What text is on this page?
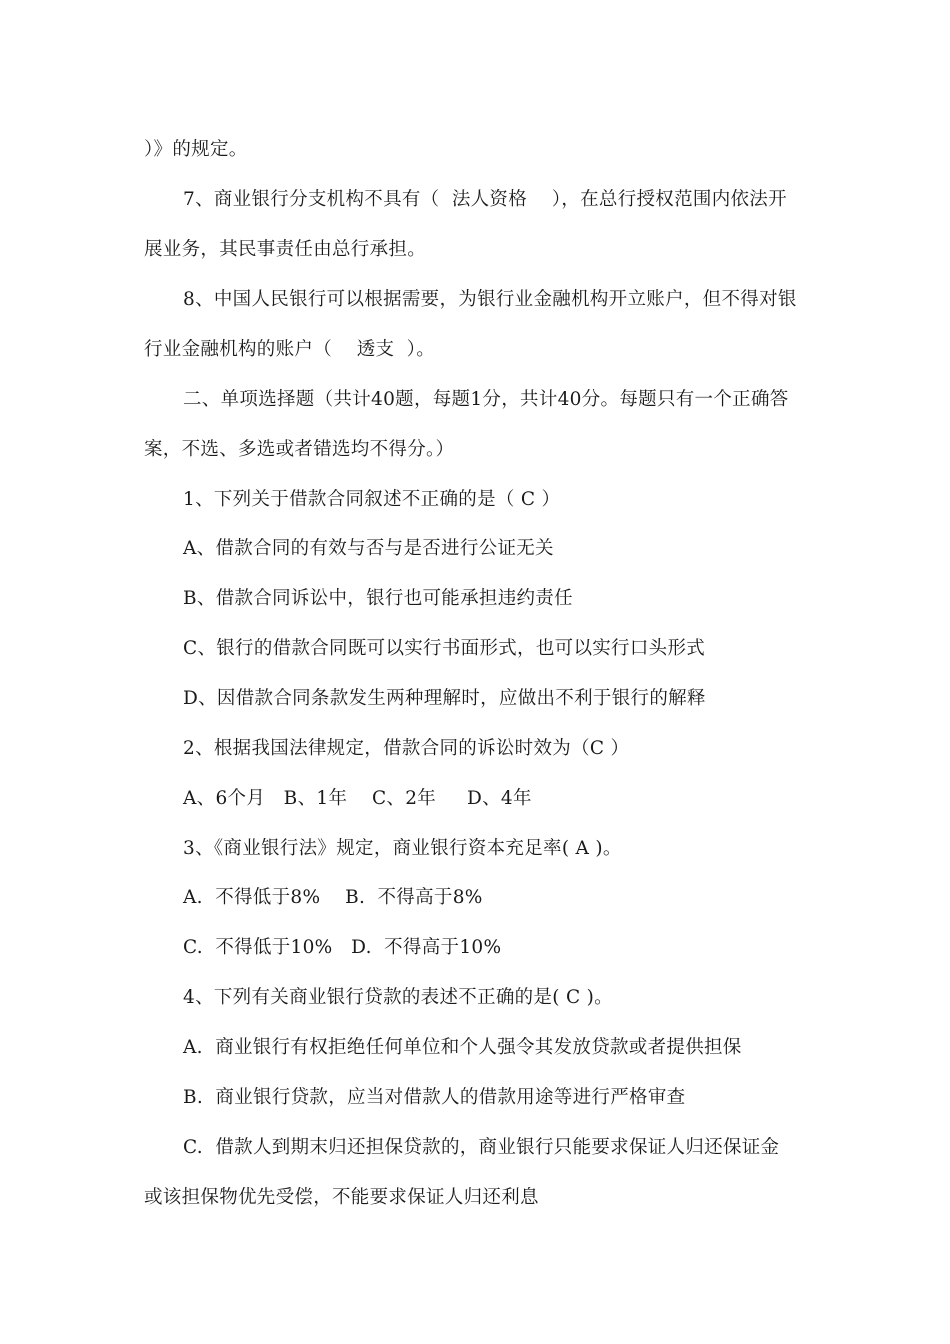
）》的规定。
7、商业银行分支机构不具有（  法人资格    ），在总行授权范围内依法开
展业务，其民事责任由总行承担。
8、中国人民银行可以根据需要，为银行业金融机构开立账户，但不得对银
行业金融机构的账户（    透支  ）。
二、单项选择题（共计40题，每题1分，共计40分。每题只有一个正确答
案，不选、多选或者错选均不得分。）
1、下列关于借款合同叙述不正确的是（ C ）
A、借款合同的有效与否与是否进行公证无关
B、借款合同诉讼中，银行也可能承担违约责任
C、银行的借款合同既可以实行书面形式，也可以实行口头形式
D、因借款合同条款发生两种理解时，应做出不利于银行的解释
2、根据我国法律规定，借款合同的诉讼时效为（C ）
A、6个月   B、1年    C、2年     D、4年
3、《商业银行法》规定，商业银行资本充足率( A )。
A.  不得低于8%    B.  不得高于8%
C.  不得低于10%   D.  不得高于10%
4、下列有关商业银行贷款的表述不正确的是( C )。
A.  商业银行有权拒绝任何单位和个人强令其发放贷款或者提供担保
B.  商业银行贷款，应当对借款人的借款用途等进行严格审查
C.  借款人到期末归还担保贷款的，商业银行只能要求保证人归还保证金
或该担保物优先受偿，不能要求保证人归还利息
